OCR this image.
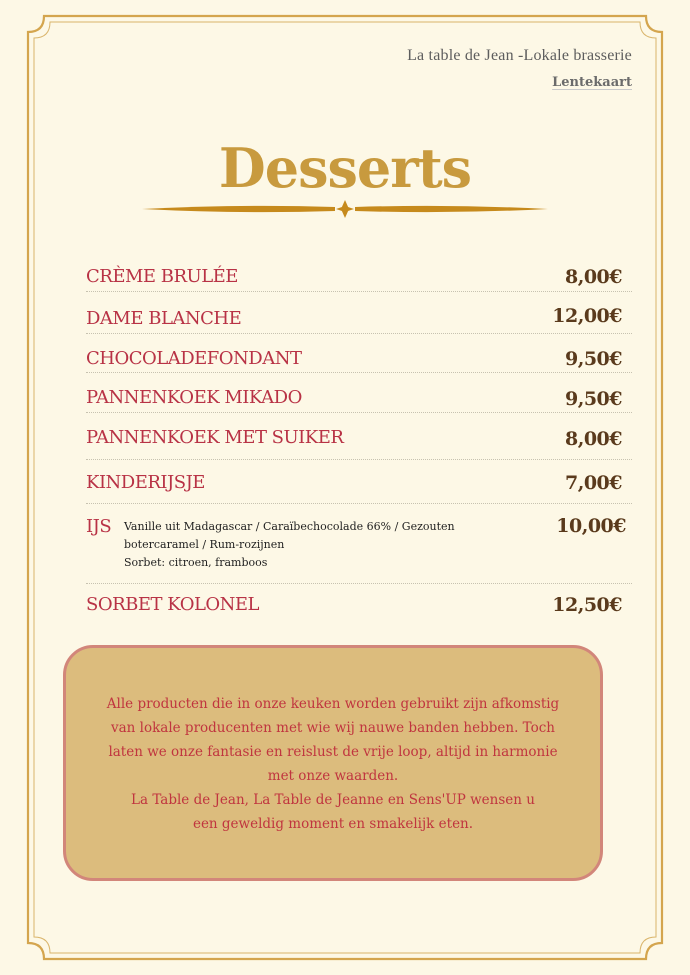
La table de Jean -Lokale brasserie
Lentekaart
Desserts
CRÈME BRULÉE	8,00€
DAME BLANCHE	12,00€
CHOCOLADEFONDANT	9,50€
PANNENKOEK MIKADO	9,50€
PANNENKOEK MET SUIKER	8,00€
KINDERIJSJE	7,00€
IJS	10,00€
Vanille uit Madagascar / Caraïbechocolade 66% / Gezouten
botercaramel / Rum-rozijnen
Sorbet: citroen, framboos
SORBET KOLONEL	12,50€
Alle producten die in onze keuken worden gebruikt zijn afkomstig
van lokale producenten met wie wij nauwe banden hebben. Toch
laten we onze fantasie en reislust de vrije loop, altijd in harmonie
met onze waarden.
La Table de Jean, La Table de Jeanne en Sens'UP wensen u
een geweldig moment en smakelijk eten.
